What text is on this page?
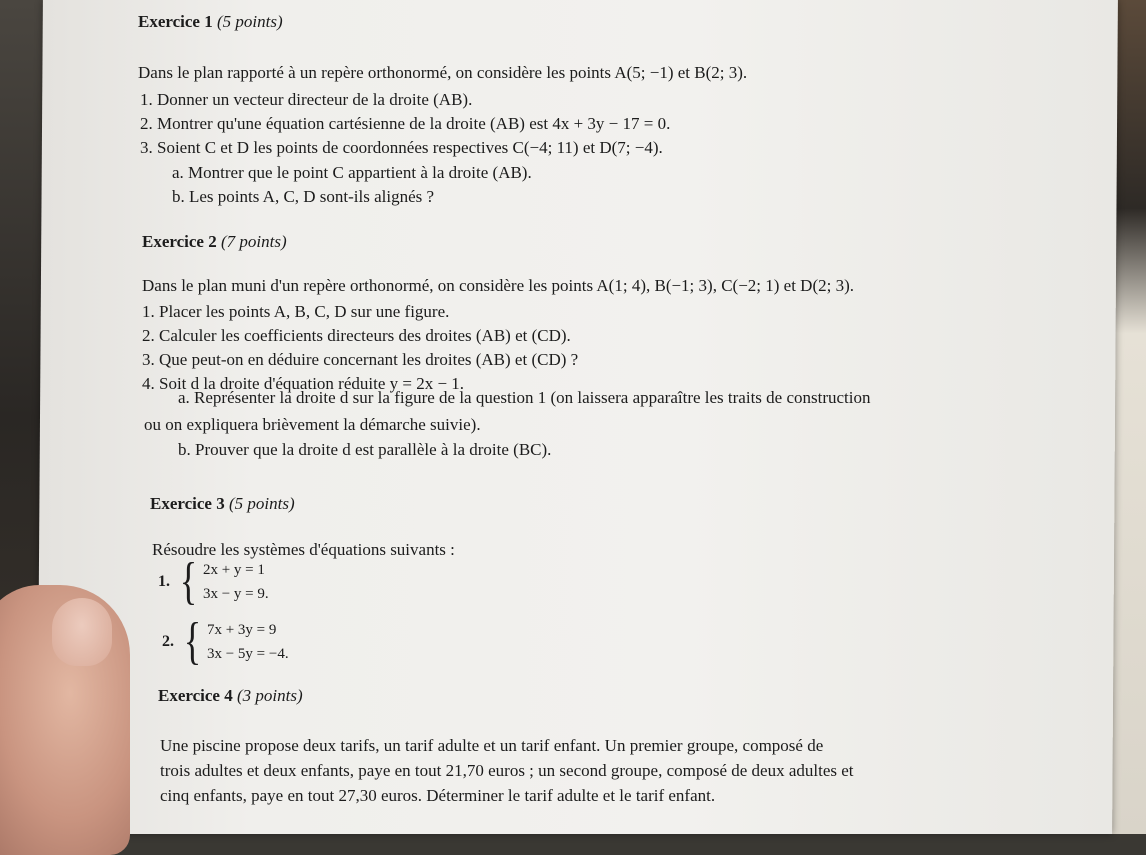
Exercice 1 (5 points)
Dans le plan rapporté à un repère orthonormé, on considère les points A(5; −1) et B(2; 3).
1. Donner un vecteur directeur de la droite (AB).
2. Montrer qu'une équation cartésienne de la droite (AB) est 4x + 3y − 17 = 0.
3. Soient C et D les points de coordonnées respectives C(−4; 11) et D(7; −4).
a. Montrer que le point C appartient à la droite (AB).
b. Les points A, C, D sont-ils alignés ?
Exercice 2 (7 points)
Dans le plan muni d'un repère orthonormé, on considère les points A(1; 4), B(−1; 3), C(−2; 1) et D(2; 3).
1. Placer les points A, B, C, D sur une figure.
2. Calculer les coefficients directeurs des droites (AB) et (CD).
3. Que peut-on en déduire concernant les droites (AB) et (CD) ?
4. Soit d la droite d'équation réduite y = 2x − 1.
a. Représenter la droite d sur la figure de la question 1 (on laissera apparaître les traits de construction
ou on expliquera brièvement la démarche suivie).
b. Prouver que la droite d est parallèle à la droite (BC).
Exercice 3 (5 points)
Résoudre les systèmes d'équations suivants :
1. { 2x + y = 1
3x − y = 9.
2. { 7x + 3y = 9
3x − 5y = −4.
Exercice 4 (3 points)
Une piscine propose deux tarifs, un tarif adulte et un tarif enfant. Un premier groupe, composé de
trois adultes et deux enfants, paye en tout 21,70 euros ; un second groupe, composé de deux adultes et
cinq enfants, paye en tout 27,30 euros. Déterminer le tarif adulte et le tarif enfant.
